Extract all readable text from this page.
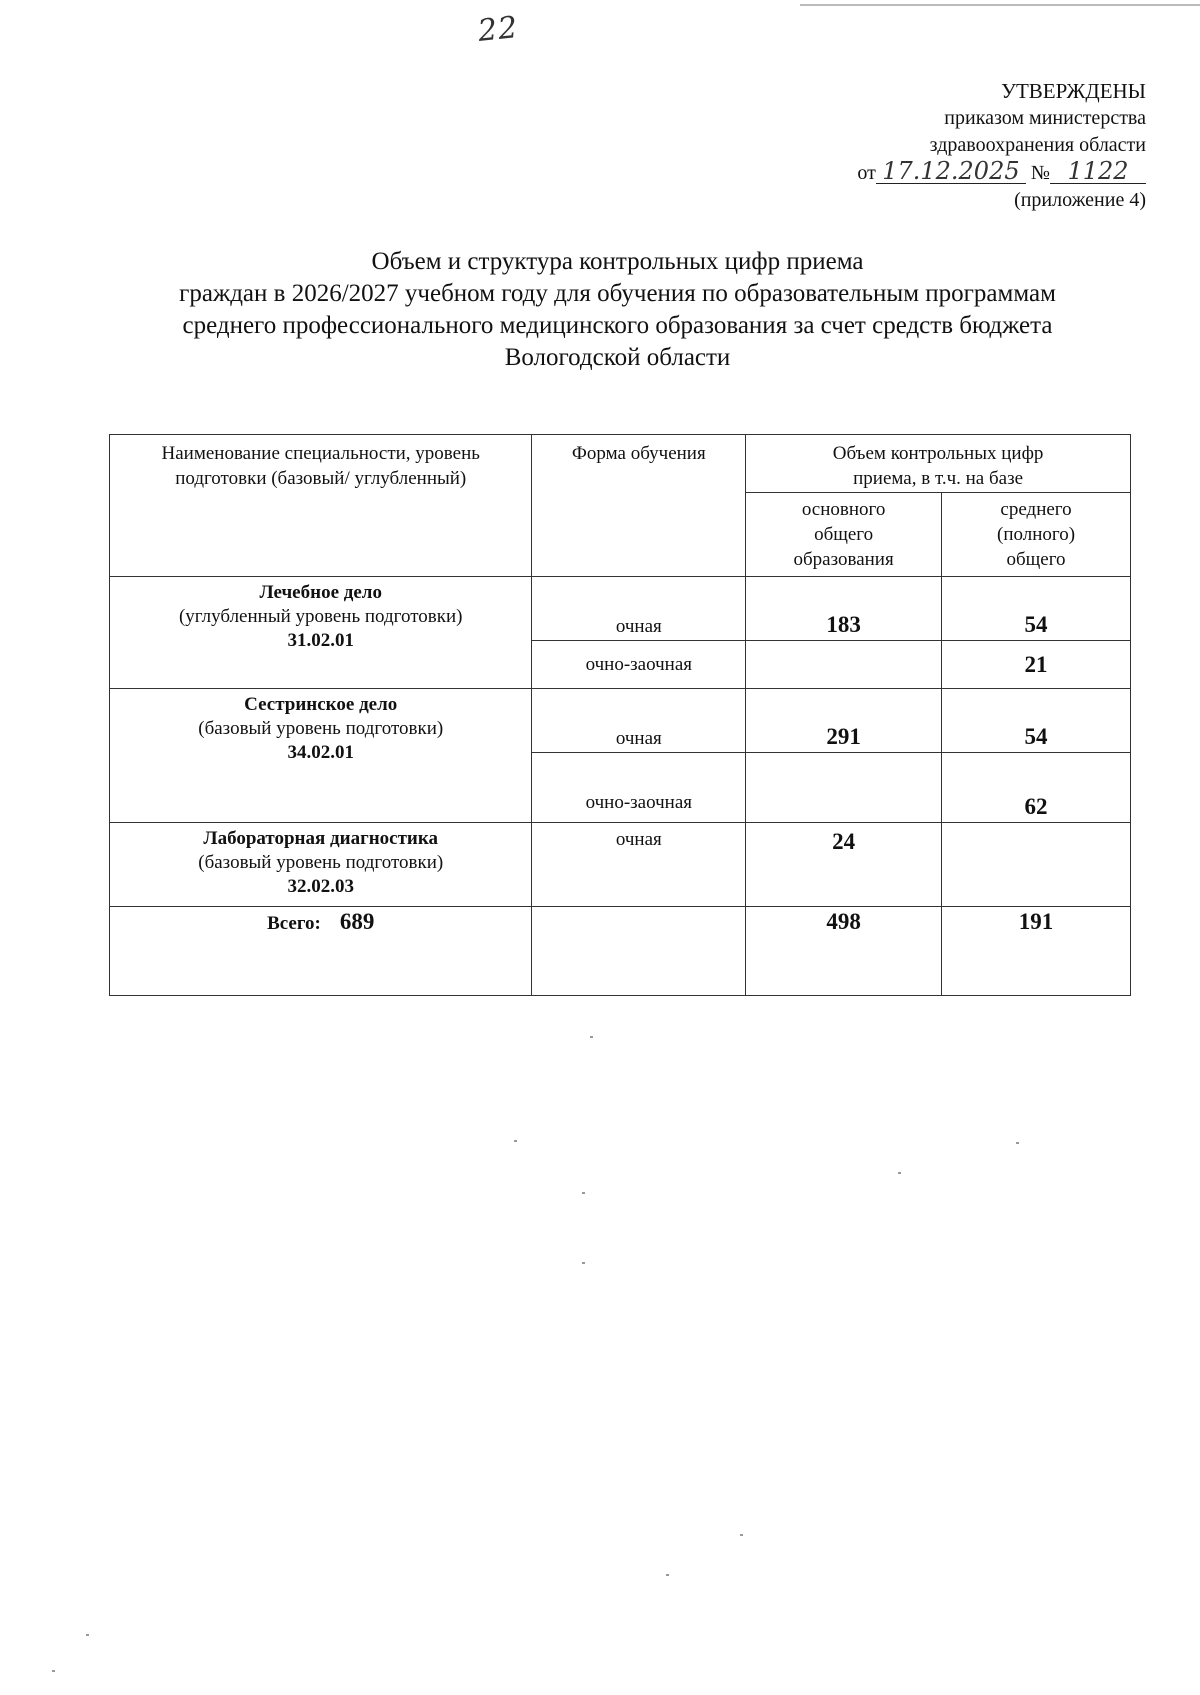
22
УТВЕРЖДЕНЫ
приказом министерства
здравоохранения области
от 17.12.2025 № 1122
(приложение 4)
Объем и структура контрольных цифр приема
граждан в 2026/2027 учебном году для обучения по образовательным программам
среднего профессионального медицинского образования за счет средств бюджета
Вологодской области
Наименование специальности, уровень подготовки (базовый/ углубленный)	Форма обучения	Объем контрольных цифр приема, в т.ч. на базе	
		основного общего образования	среднего (полного) общего

Лечебное дело
(углубленный уровень подготовки)
31.02.01	очная	183	54
	очно-заочная		21

Сестринское дело
(базовый уровень подготовки)
34.02.01	очная	291	54
	очно-заочная		62

Лабораторная диагностика
(базовый уровень подготовки)
32.02.03	очная	24	
Всего: 689		498	191
